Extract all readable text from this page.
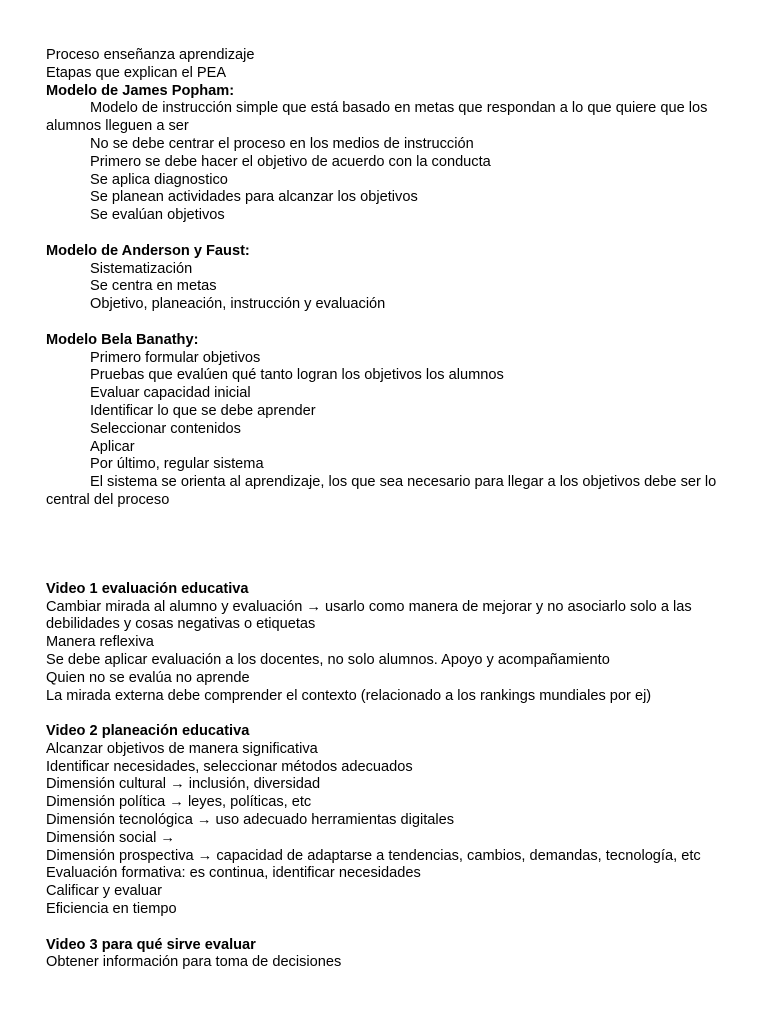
Proceso enseñanza aprendizaje
Etapas que explican el PEA
Modelo de James Popham:
Modelo de instrucción simple que está basado en metas que respondan a lo que quiere que los alumnos lleguen a ser
No se debe centrar el proceso en los medios de instrucción
Primero se debe hacer el objetivo de acuerdo con la conducta
Se aplica diagnostico
Se planean actividades para alcanzar los objetivos
Se evalúan objetivos
Modelo de Anderson y Faust:
Sistematización
Se centra en metas
Objetivo, planeación, instrucción y evaluación
Modelo Bela Banathy:
Primero formular objetivos
Pruebas que evalúen qué tanto logran los objetivos los alumnos
Evaluar capacidad inicial
Identificar lo que se debe aprender
Seleccionar contenidos
Aplicar
Por último, regular sistema
El sistema se orienta al aprendizaje, los que sea necesario para llegar a los objetivos debe ser lo central del proceso
Video 1 evaluación educativa
Cambiar mirada al alumno y evaluación → usarlo como manera de mejorar y no asociarlo solo a las debilidades y cosas negativas o etiquetas
Manera reflexiva
Se debe aplicar evaluación a los docentes, no solo alumnos. Apoyo y acompañamiento
Quien no se evalúa no aprende
La mirada externa debe comprender el contexto (relacionado a los rankings mundiales por ej)
Video 2 planeación educativa
Alcanzar objetivos de manera significativa
Identificar necesidades, seleccionar métodos adecuados
Dimensión cultural → inclusión, diversidad
Dimensión política → leyes, políticas, etc
Dimensión tecnológica → uso adecuado herramientas digitales
Dimensión social →
Dimensión prospectiva → capacidad de adaptarse a tendencias, cambios, demandas, tecnología, etc
Evaluación formativa: es continua, identificar necesidades
Calificar y evaluar
Eficiencia en tiempo
Video 3 para qué sirve evaluar
Obtener información para toma de decisiones
